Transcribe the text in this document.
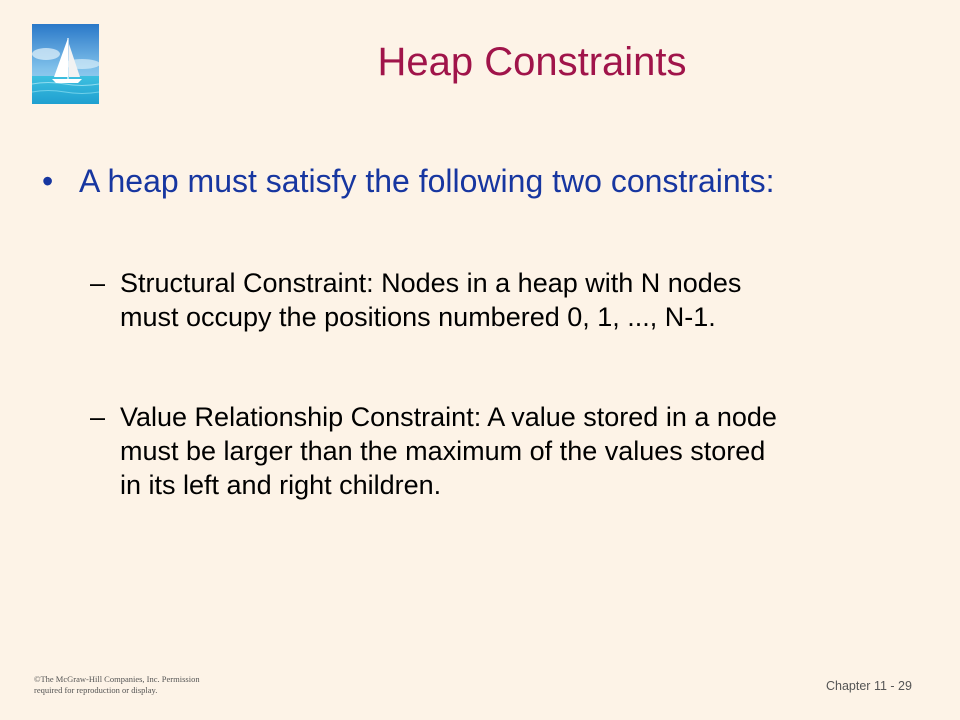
Heap Constraints
• A heap must satisfy the following two constraints:
– Structural Constraint: Nodes in a heap with N nodes
must occupy the positions numbered 0, 1, ..., N-1.
– Value Relationship Constraint: A value stored in a node
must be larger than the maximum of the values stored
in its left and right children.
©The McGraw-Hill Companies, Inc. Permission
required for reproduction or display.	Chapter 11 - 29
